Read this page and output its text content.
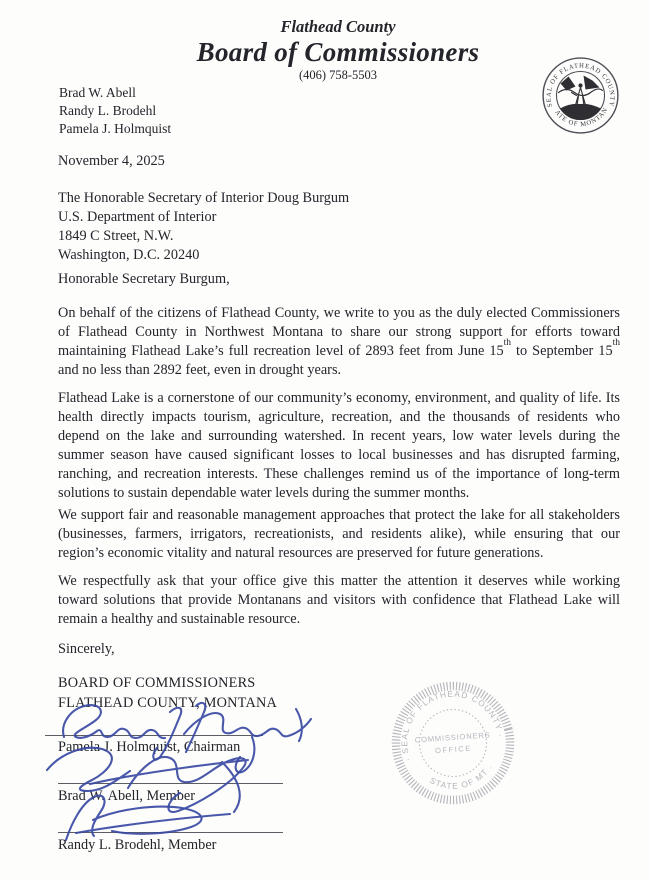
Flathead County
Board of Commissioners
(406) 758-5503
Brad W. Abell
Randy L. Brodehl
Pamela J. Holmquist
SEAL OF FLATHEAD COUNTY
• STATE OF MONTANA •
November 4, 2025
The Honorable Secretary of Interior Doug Burgum
U.S. Department of Interior
1849 C Street, N.W.
Washington, D.C. 20240
Honorable Secretary Burgum,
On behalf of the citizens of Flathead County, we write to you as the duly elected Commissioners of Flathead County in Northwest Montana to share our strong support for efforts toward maintaining Flathead Lake’s full recreation level of 2893 feet from June 15th to September 15th and no less than 2892 feet, even in drought years.
Flathead Lake is a cornerstone of our community’s economy, environment, and quality of life. Its health directly impacts tourism, agriculture, recreation, and the thousands of residents who depend on the lake and surrounding watershed. In recent years, low water levels during the summer season have caused significant losses to local businesses and has disrupted farming, ranching, and recreation interests. These challenges remind us of the importance of long-term solutions to sustain dependable water levels during the summer months.
We support fair and reasonable management approaches that protect the lake for all stakeholders (businesses, farmers, irrigators, recreationists, and residents alike), while ensuring that our region’s economic vitality and natural resources are preserved for future generations.
We respectfully ask that your office give this matter the attention it deserves while working toward solutions that provide Montanans and visitors with confidence that Flathead Lake will remain a healthy and sustainable resource.
Sincerely,
BOARD OF COMMISSIONERS
FLATHEAD COUNTY, MONTANA
Pamela J. Holmquist, Chairman
Brad W. Abell, Member
Randy L. Brodehl, Member
· SEAL OF FLATHEAD COUNTY ·
STATE OF MT .
COMMISSIONERS
OFFICE
